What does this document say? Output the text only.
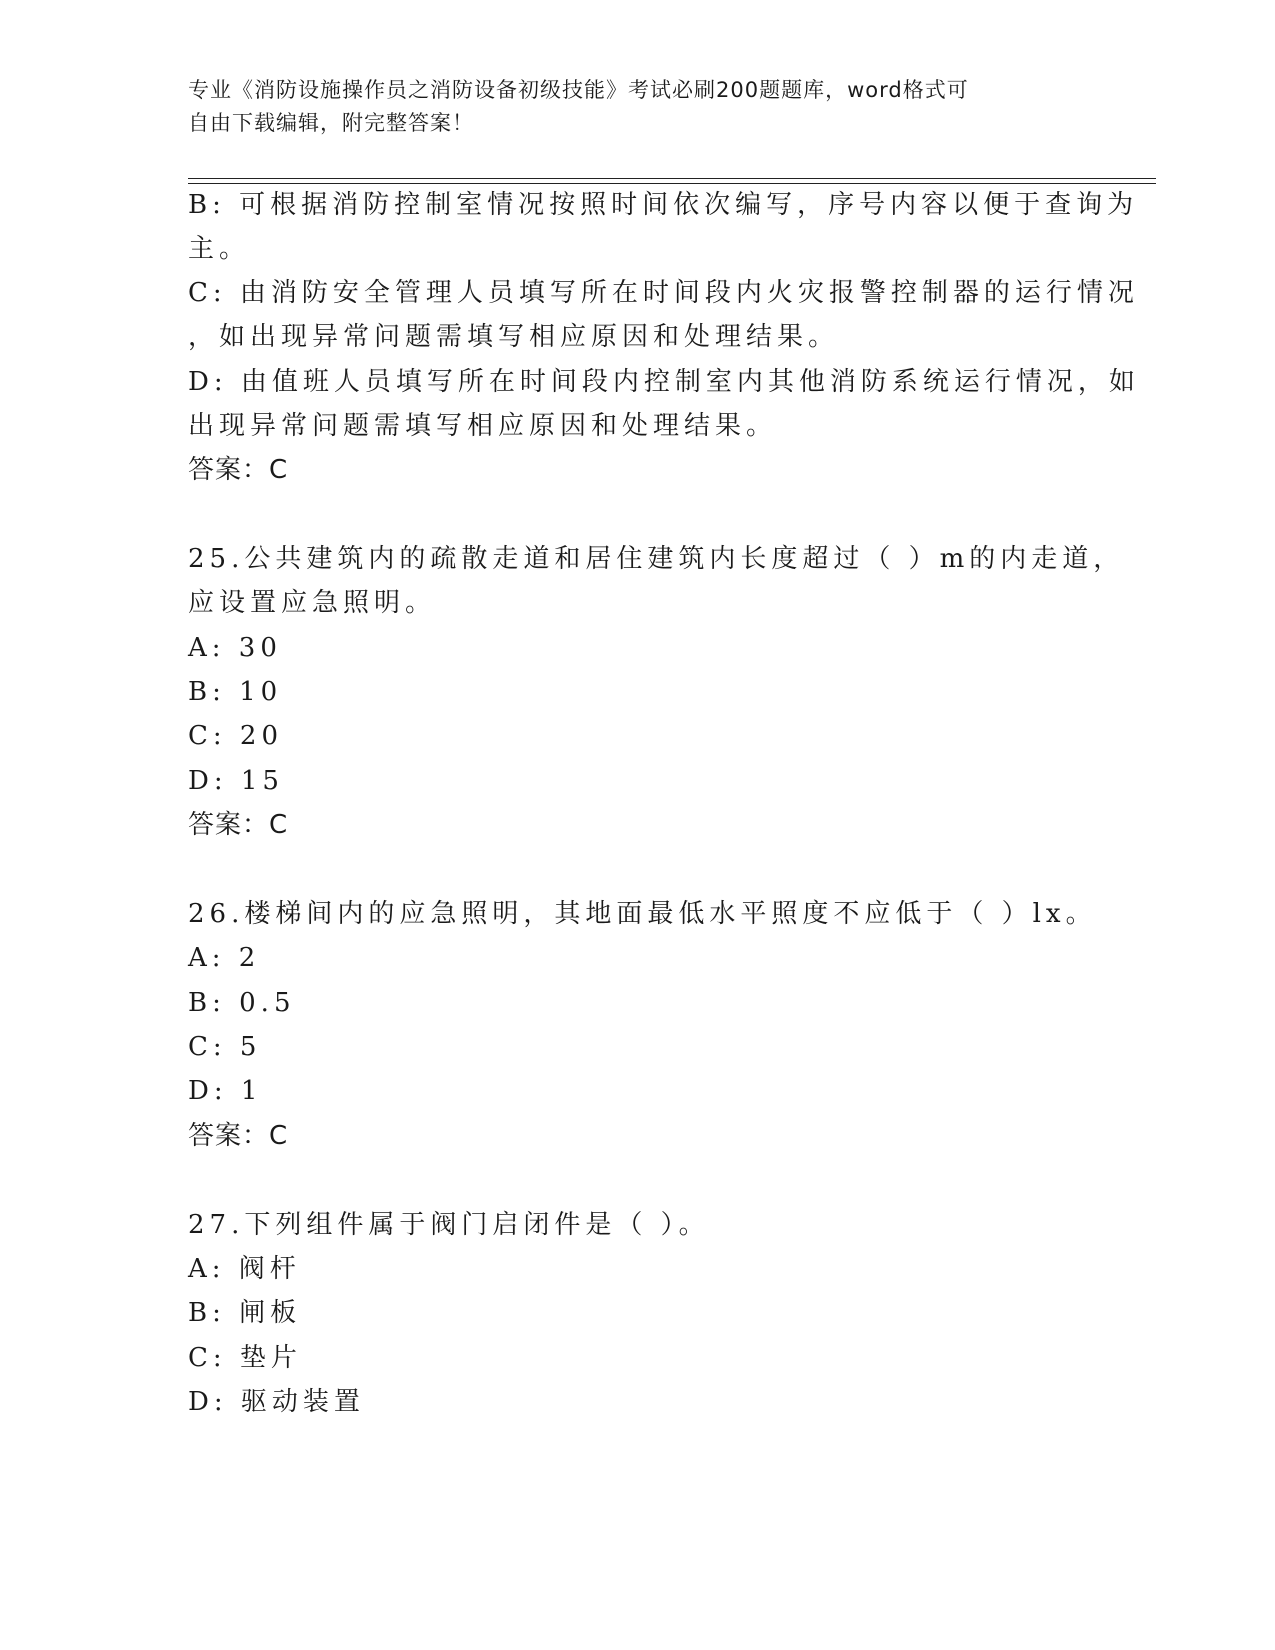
专业《消防设施操作员之消防设备初级技能》考试必刷200题题库，word格式可
自由下载编辑，附完整答案！

B: 可根据消防控制室情况按照时间依次编写，序号内容以便于查询为

主。

C: 由消防安全管理人员填写所在时间段内火灾报警控制器的运行情况

，如出现异常问题需填写相应原因和处理结果。

D: 由值班人员填写所在时间段内控制室内其他消防系统运行情况，如

出现异常问题需填写相应原因和处理结果。

答案：C

25.公共建筑内的疏散走道和居住建筑内长度超过（ ）m的内走道，

应设置应急照明。

A: 30

B: 10

C: 20

D: 15

答案：C

26.楼梯间内的应急照明，其地面最低水平照度不应低于（ ）lx。

A: 2

B: 0.5

C: 5

D: 1

答案：C

27.下列组件属于阀门启闭件是（ ）。

A: 阀杆

B: 闸板

C: 垫片

D: 驱动装置
